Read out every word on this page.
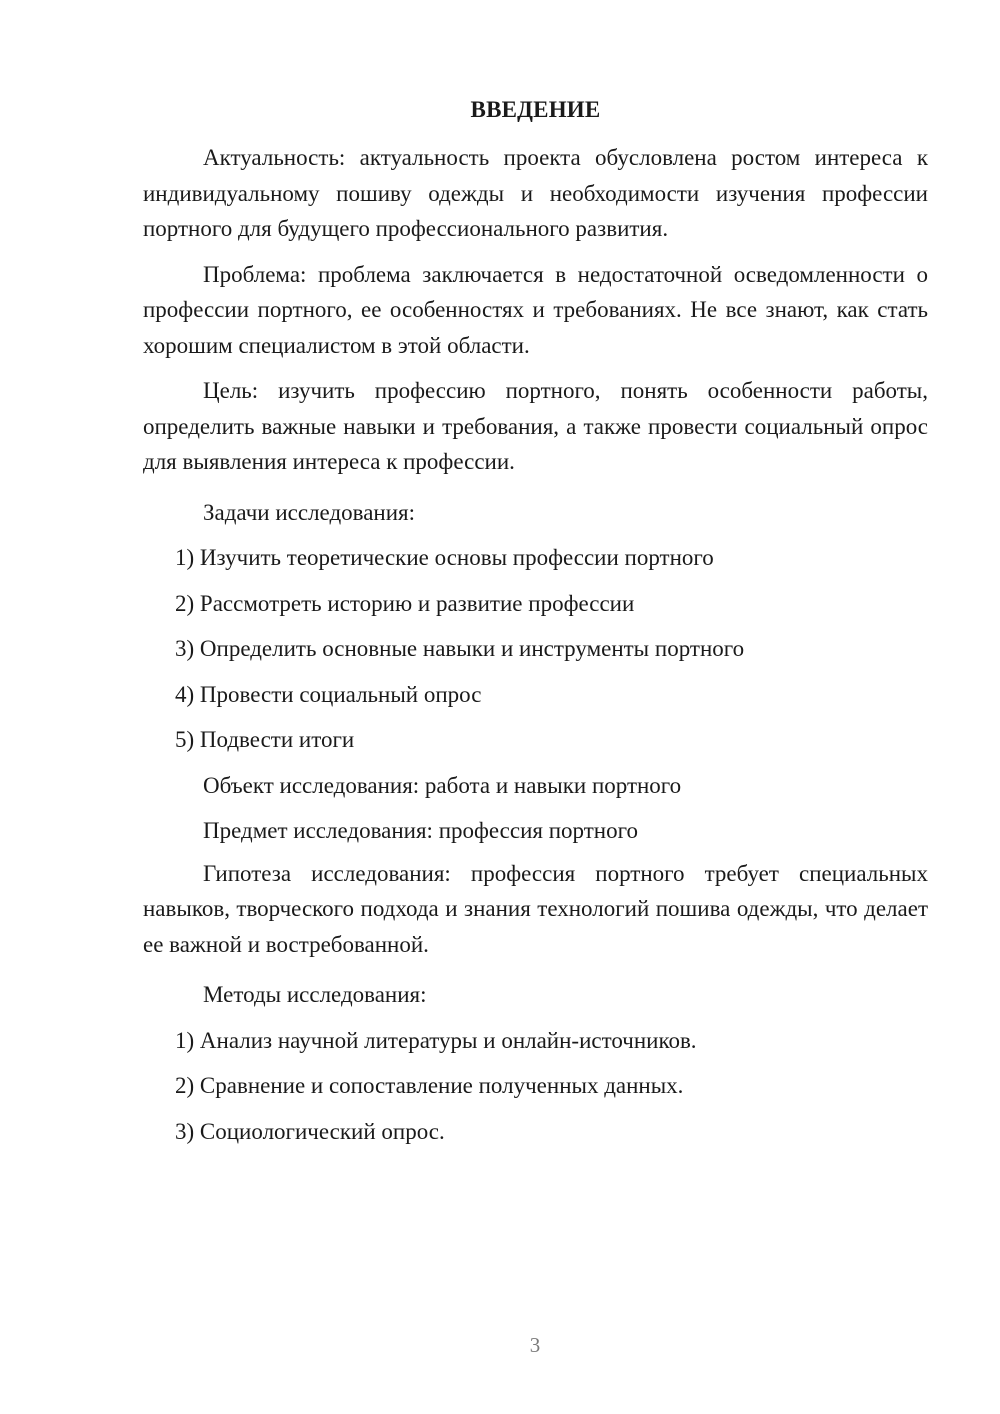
ВВЕДЕНИЕ

Актуальность: актуальность проекта обусловлена ростом интереса к индивидуальному пошиву одежды и необходимости изучения профессии портного для будущего профессионального развития.

Проблема: проблема заключается в недостаточной осведомленности о профессии портного, ее особенностях и требованиях. Не все знают, как стать хорошим специалистом в этой области.

Цель: изучить профессию портного, понять особенности работы, определить важные навыки и требования, а также провести социальный опрос для выявления интереса к профессии.

Задачи исследования:

1) Изучить теоретические основы профессии портного

2) Рассмотреть историю и развитие профессии

3) Определить основные навыки и инструменты портного

4) Провести социальный опрос

5) Подвести итоги

Объект исследования: работа и навыки портного

Предмет исследования: профессия портного

Гипотеза исследования: профессия портного требует специальных навыков, творческого подхода и знания технологий пошива одежды, что делает ее важной и востребованной.

Методы исследования:

1) Анализ научной литературы и онлайн-источников.

2) Сравнение и сопоставление полученных данных.

3) Социологический опрос.

3
